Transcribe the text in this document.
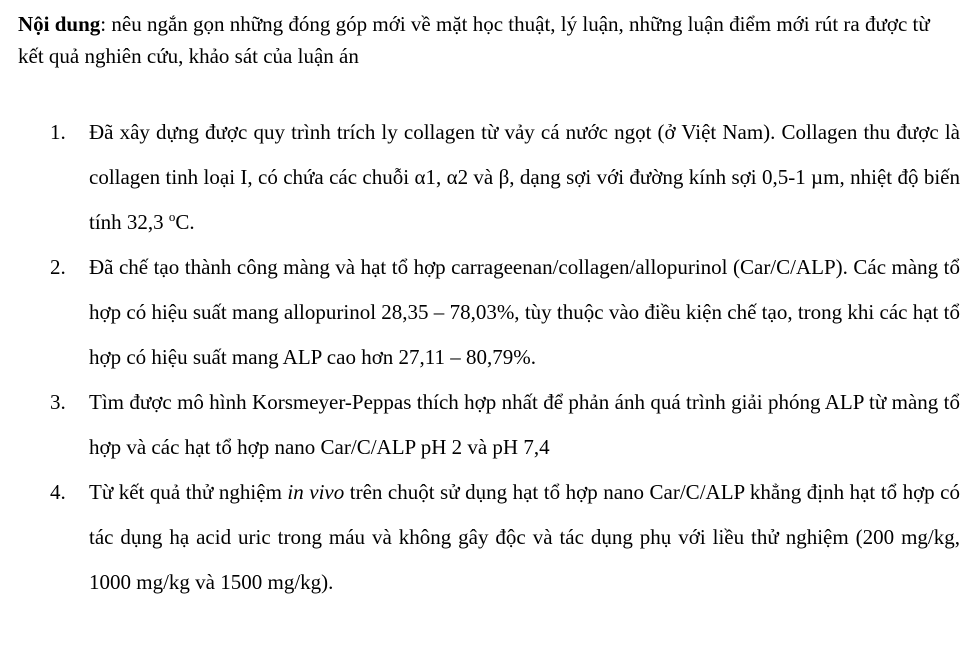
Nội dung: nêu ngắn gọn những đóng góp mới về mặt học thuật, lý luận, những luận điểm mới rút ra được từ kết quả nghiên cứu, khảo sát của luận án

1. Đã xây dựng được quy trình trích ly collagen từ vảy cá nước ngọt (ở Việt Nam). Collagen thu được là collagen tinh loại I, có chứa các chuỗi α1, α2 và β, dạng sợi với đường kính sợi 0,5-1 µm, nhiệt độ biến tính 32,3 $^o$C.
2. Đã chế tạo thành công màng và hạt tổ hợp carrageenan/collagen/allopurinol (Car/C/ALP). Các màng tổ hợp có hiệu suất mang allopurinol 28,35 – 78,03%, tùy thuộc vào điều kiện chế tạo, trong khi các hạt tổ hợp có hiệu suất mang ALP cao hơn 27,11 – 80,79%.
3. Tìm được mô hình Korsmeyer-Peppas thích hợp nhất để phản ánh quá trình giải phóng ALP từ màng tổ hợp và các hạt tổ hợp nano Car/C/ALP pH 2 và pH 7,4
4. Từ kết quả thử nghiệm in vivo trên chuột sử dụng hạt tổ hợp nano Car/C/ALP khẳng định hạt tổ hợp có tác dụng hạ acid uric trong máu và không gây độc và tác dụng phụ với liều thử nghiệm (200 mg/kg, 1000 mg/kg và 1500 mg/kg).
